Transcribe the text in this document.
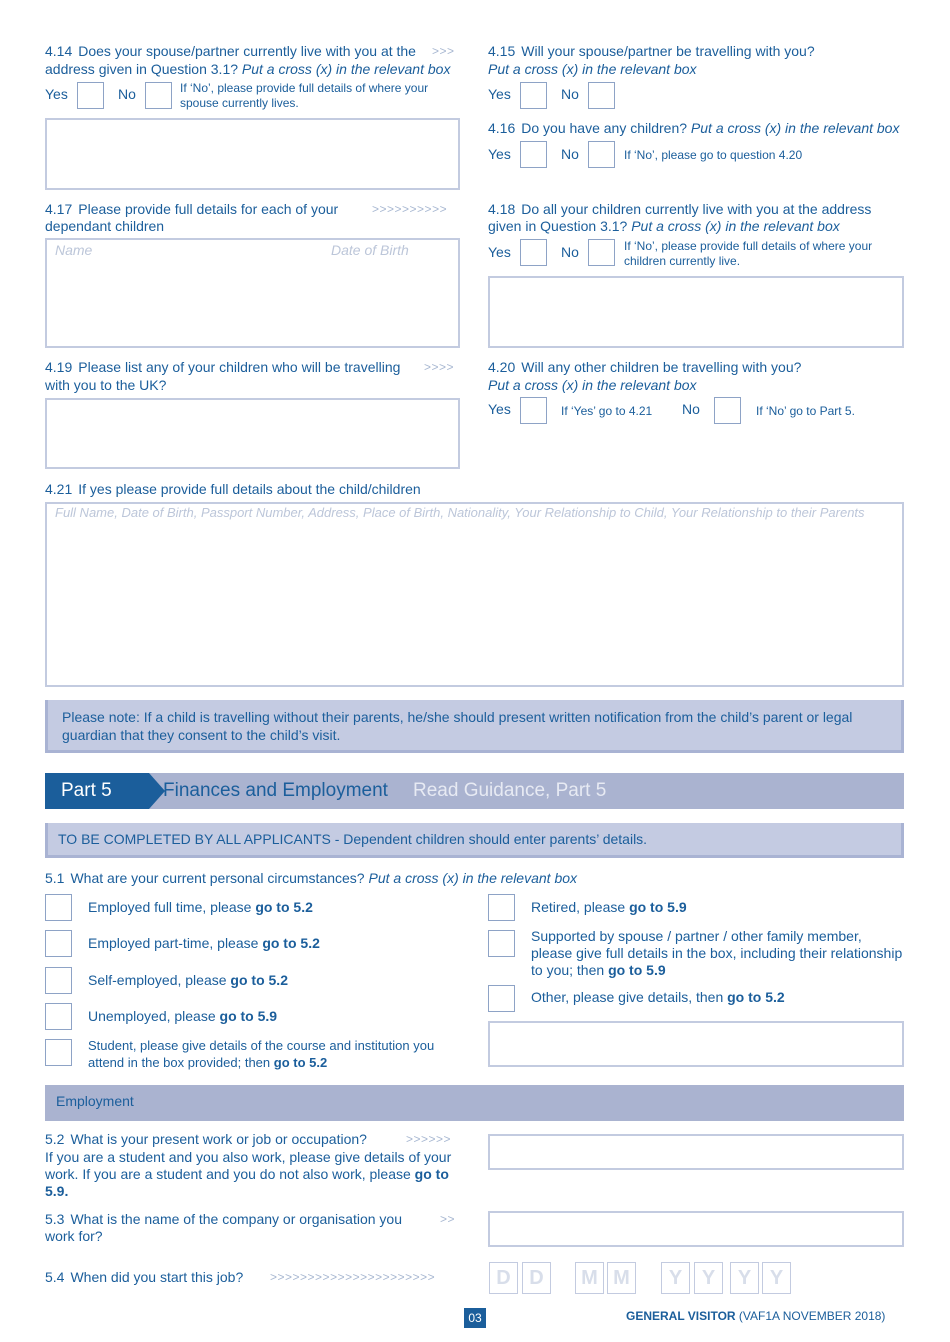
4.14 Does your spouse/partner currently live with you at the	>>>
address given in Question 3.1? Put a cross (x) in the relevant box
Yes	No	If ‘No’, please provide full details of where your spouse currently lives.
4.15 Will your spouse/partner be travelling with you?
Put a cross (x) in the relevant box
Yes	No
4.16 Do you have any children? Put a cross (x) in the relevant box
Yes	No	If ‘No’, please go to question 4.20
4.17 Please provide full details for each of your	>>>>>>>>>>
dependant children
Name	Date of Birth
4.18 Do all your children currently live with you at the address
given in Question 3.1? Put a cross (x) in the relevant box
Yes	No	If ‘No’, please provide full details of where your children currently live.
4.19 Please list any of your children who will be travelling	>>>>
with you to the UK?
4.20 Will any other children be travelling with you?
Put a cross (x) in the relevant box
Yes	If ‘Yes’ go to 4.21 No	If ‘No’ go to Part 5.
4.21 If yes please provide full details about the child/children
Full Name, Date of Birth, Passport Number, Address, Place of Birth, Nationality, Your Relationship to Child, Your Relationship to their Parents
Please note: If a child is travelling without their parents, he/she should present written notification from the child’s parent or legal guardian that they consent to the child’s visit.
Part 5	Finances and Employment Read Guidance, Part 5
TO BE COMPLETED BY ALL APPLICANTS - Dependent children should enter parents’ details.
5.1 What are your current personal circumstances? Put a cross (x) in the relevant box
Employed full time, please go to 5.2
Employed part-time, please go to 5.2
Self-employed, please go to 5.2
Unemployed, please go to 5.9
Student, please give details of the course and institution you attend in the box provided; then go to 5.2
Retired, please go to 5.9
Supported by spouse / partner / other family member, please give full details in the box, including their relationship to you; then go to 5.9
Other, please give details, then go to 5.2
Employment
5.2 What is your present work or job or occupation?	>>>>>>
If you are a student and you also work, please give details of your work. If you are a student and you do not also work, please go to 5.9.
5.3 What is the name of the company or organisation you	>>
work for?
5.4 When did you start this job?	>>>>>>>>>>>>>>>>>>>>>>	D D	M M	Y Y	Y Y
03	GENERAL VISITOR (VAF1A NOVEMBER 2018)
